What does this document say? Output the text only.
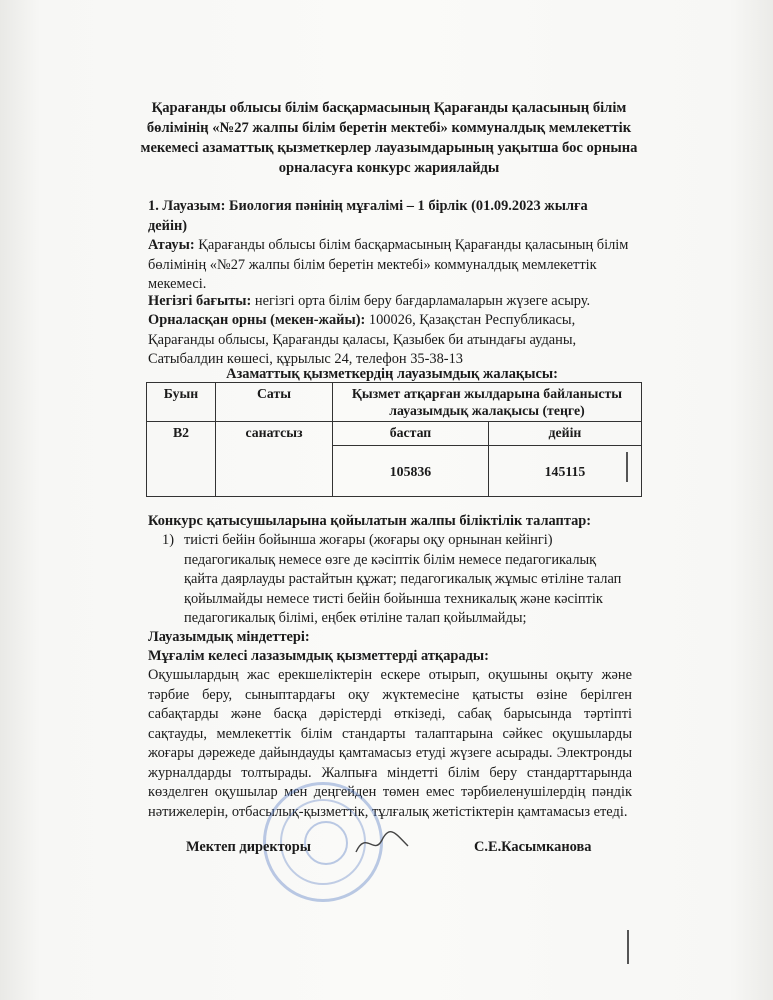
Қарағанды облысы білім басқармасының Қарағанды қаласының білім бөлімінің «№27 жалпы білім беретін мектебі» коммуналдық мемлекеттік мекемесі азаматтық қызметкерлер лауазымдарының уақытша бос орнына орналасуға конкурс жариялайды
1. Лауазым: Биология пәнінің мұғалімі – 1 бірлік (01.09.2023 жылға дейін)
Атауы: Қарағанды облысы білім басқармасының Қарағанды қаласының білім бөлімінің «№27 жалпы білім беретін мектебі» коммуналдық мемлекеттік мекемесі.
Негізгі бағыты: негізгі орта білім беру бағдарламаларын жүзеге асыру.
Орналасқан орны (мекен-жайы): 100026, Қазақстан Республикасы, Қарағанды облысы, Қарағанды қаласы, Қазыбек би атындағы ауданы, Сатыбалдин көшесі, құрылыс 24, телефон 35-38-13
Азаматтық қызметкердің лауазымдық жалақысы:
Буын	Саты	Қызмет атқарған жылдарына байланысты лауазымдық жалақысы (теңге)	
B2	санатсыз	бастап	дейін
		105836	145115
Конкурс қатысушыларына қойылатын жалпы біліктілік талаптар:
1) тиісті бейін бойынша жоғары (жоғары оқу орнынан кейінгі) педагогикалық немесе өзге де кәсіптік білім немесе педагогикалық қайта даярлауды растайтын құжат; педагогикалық жұмыс өтіліне талап қойылмайды немесе тисті бейін бойынша техникалық және кәсіптік педагогикалық білімі, еңбек өтіліне талап қойылмайды;
Лауазымдық міндеттері:
Мұғалім келесі лазазымдық қызметтерді атқарады:
Оқушылардың жас ерекшеліктерін ескере отырып, оқушыны оқыту және тәрбие беру, сыныптардағы оқу жүктемесіне қатысты өзіне берілген сабақтарды және басқа дәрістерді өткізеді, сабақ барысында тәртіпті сақтауды, мемлекеттік білім стандарты талаптарына сәйкес оқушыларды жоғары дәрежеде дайындауды қамтамасыз етуді жүзеге асырады. Электронды журналдарды толтырады. Жалпыға міндетті білім беру стандарттарында көзделген оқушылар мен деңгейден төмен емес тәрбиеленушілердің пәндік нәтижелерін, отбасылық-қызметтік, тұлғалық жетістіктерін қамтамасыз етеді.
Мектеп директоры	С.Е.Касымканова
